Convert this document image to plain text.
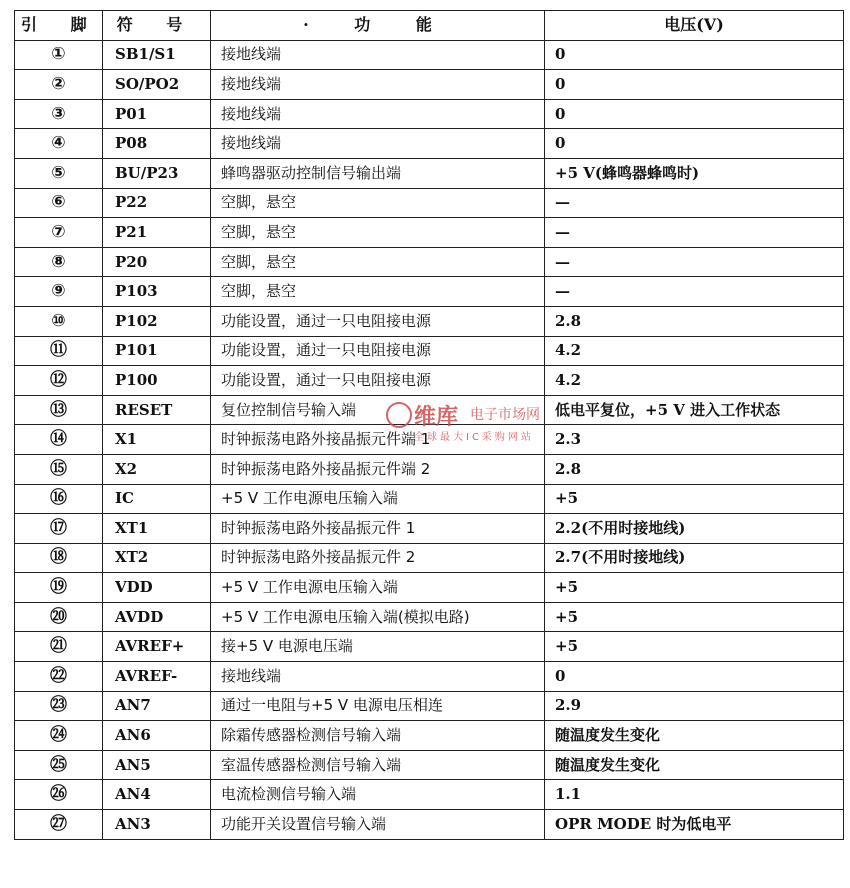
引 脚	符 号	· 功 能	电压(V)
①	SB1/S1	接地线端	0
②	SO/PO2	接地线端	0
③	P01	接地线端	0
④	P08	接地线端	0
⑤	BU/P23	蜂鸣器驱动控制信号输出端	+5 V(蜂鸣器蜂鸣时)
⑥	P22	空脚，悬空	—
⑦	P21	空脚，悬空	—
⑧	P20	空脚，悬空	—
⑨	P103	空脚，悬空	—
⑩	P102	功能设置，通过一只电阻接电源	2.8
⑪	P101	功能设置，通过一只电阻接电源	4.2
⑫	P100	功能设置，通过一只电阻接电源	4.2
⑬	RESET	复位控制信号输入端	低电平复位，+5 V 进入工作状态
⑭	X1	时钟振荡电路外接晶振元件端 1	2.3
⑮	X2	时钟振荡电路外接晶振元件端 2	2.8
⑯	IC	+5 V 工作电源电压输入端	+5
⑰	XT1	时钟振荡电路外接晶振元件 1	2.2(不用时接地线)
⑱	XT2	时钟振荡电路外接晶振元件 2	2.7(不用时接地线)
⑲	VDD	+5 V 工作电源电压输入端	+5
⑳	AVDD	+5 V 工作电源电压输入端(模拟电路)	+5
㉑	AVREF+	接+5 V 电源电压端	+5
㉒	AVREF-	接地线端	0
㉓	AN7	通过一电阻与+5 V 电源电压相连	2.9
㉔	AN6	除霜传感器检测信号输入端	随温度发生变化
㉕	AN5	室温传感器检测信号输入端	随温度发生变化
㉖	AN4	电流检测信号输入端	1.1
㉗	AN3	功能开关设置信号输入端	OPR MODE 时为低电平
维库 电子市场网
全球最大IC采购网站
